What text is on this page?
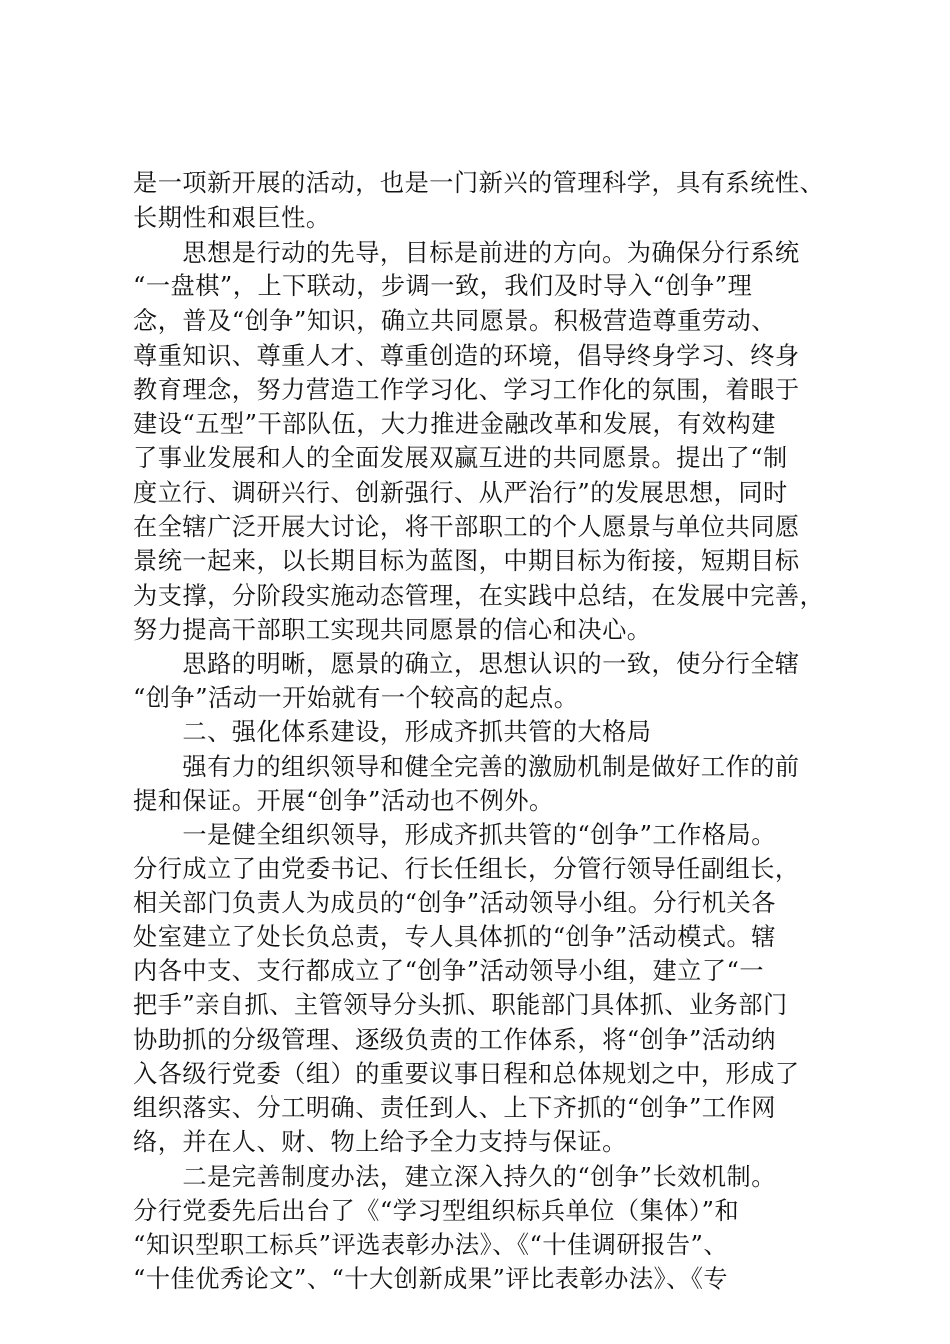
是一项新开展的活动，也是一门新兴的管理科学，具有系统性、
长期性和艰巨性。
　　思想是行动的先导，目标是前进的方向。为确保分行系统
“一盘棋”，上下联动，步调一致，我们及时导入“创争”理
念，普及“创争”知识，确立共同愿景。积极营造尊重劳动、
尊重知识、尊重人才、尊重创造的环境，倡导终身学习、终身
教育理念，努力营造工作学习化、学习工作化的氛围，着眼于
建设“五型”干部队伍，大力推进金融改革和发展，有效构建
了事业发展和人的全面发展双赢互进的共同愿景。提出了“制
度立行、调研兴行、创新强行、从严治行”的发展思想，同时
在全辖广泛开展大讨论，将干部职工的个人愿景与单位共同愿
景统一起来，以长期目标为蓝图，中期目标为衔接，短期目标
为支撑，分阶段实施动态管理，在实践中总结，在发展中完善，
努力提高干部职工实现共同愿景的信心和决心。
　　思路的明晰，愿景的确立，思想认识的一致，使分行全辖
“创争”活动一开始就有一个较高的起点。
　　二、强化体系建设，形成齐抓共管的大格局
　　强有力的组织领导和健全完善的激励机制是做好工作的前
提和保证。开展“创争”活动也不例外。
　　一是健全组织领导，形成齐抓共管的“创争”工作格局。
分行成立了由党委书记、行长任组长，分管行领导任副组长，
相关部门负责人为成员的“创争”活动领导小组。分行机关各
处室建立了处长负总责，专人具体抓的“创争”活动模式。辖
内各中支、支行都成立了“创争”活动领导小组，建立了“一
把手”亲自抓、主管领导分头抓、职能部门具体抓、业务部门
协助抓的分级管理、逐级负责的工作体系，将“创争”活动纳
入各级行党委（组）的重要议事日程和总体规划之中，形成了
组织落实、分工明确、责任到人、上下齐抓的“创争”工作网
络，并在人、财、物上给予全力支持与保证。
　　二是完善制度办法，建立深入持久的“创争”长效机制。
分行党委先后出台了《“学习型组织标兵单位（集体）”和
“知识型职工标兵”评选表彰办法》、《“十佳调研报告”、
“十佳优秀论文”、“十大创新成果”评比表彰办法》、《专
